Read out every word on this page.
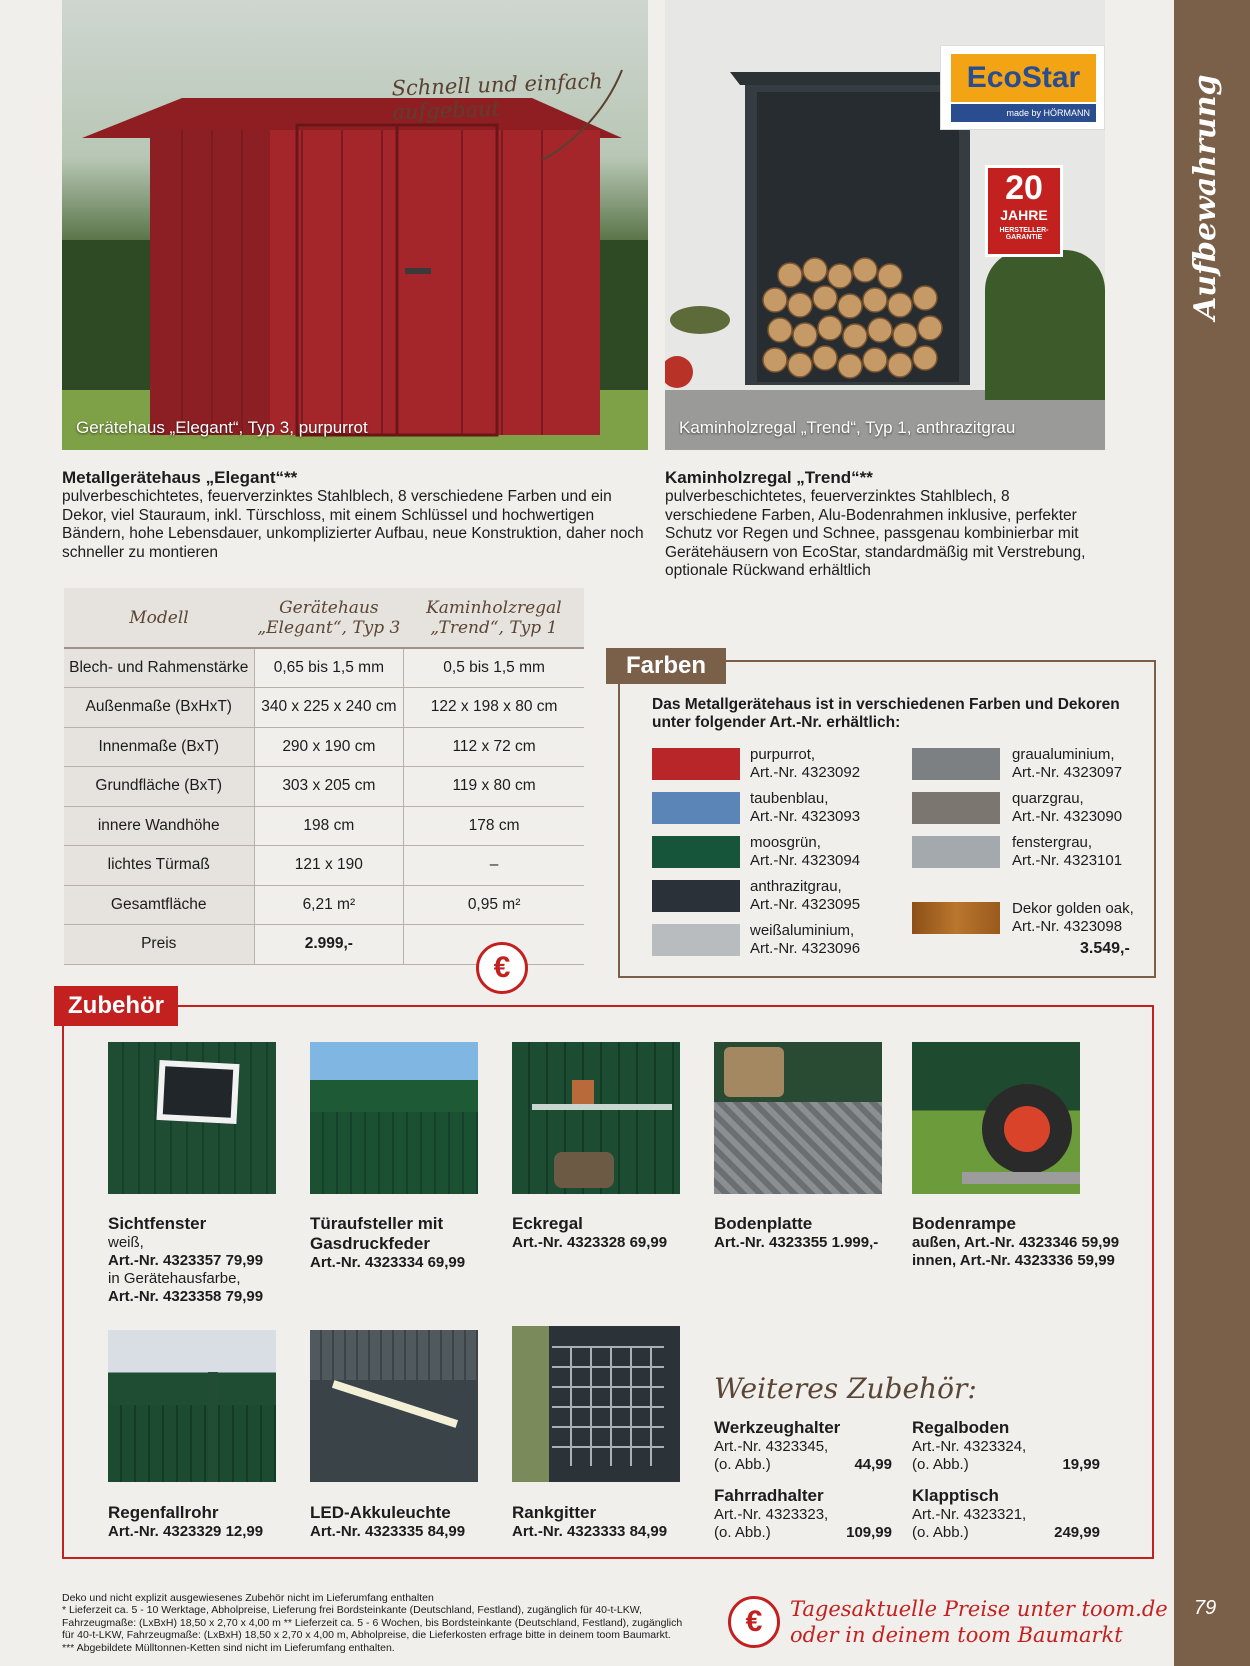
Aufbewahrung
79
Schnell und einfach aufgebaut
Gerätehaus „Elegant“, Typ 3, purpurrot	Kaminholzregal „Trend“, Typ 1, anthrazitgrau
EcoStar
made by HÖRMANN
20
JAHRE
HERSTELLER-GARANTIE
Metallgerätehaus „Elegant“**

pulverbeschichtetes, feuerverzinktes Stahlblech, 8 verschiedene Farben und ein Dekor, viel Stauraum, inkl. Türschloss, mit einem Schlüssel und hochwertigen Bändern, hohe Lebensdauer, unkomplizierter Aufbau, neue Konstruktion, daher noch schneller zu montieren

Kaminholzregal „Trend“**

pulverbeschichtetes, feuerverzinktes Stahlblech, 8 verschiedene Farben, Alu-Bodenrahmen inklusive, perfekter Schutz vor Regen und Schnee, passgenau kombinierbar mit Gerätehäusern von EcoStar, standardmäßig mit Verstrebung, optionale Rückwand erhältlich

Modell	Gerätehaus „Elegant“, Typ 3	Kaminholzregal „Trend“, Typ 1
Blech- und Rahmenstärke	0,65 bis 1,5 mm	0,5 bis 1,5 mm
Außenmaße (BxHxT)	340 x 225 x 240 cm	122 x 198 x 80 cm
Innenmaße (BxT)	290 x 190 cm	112 x 72 cm
Grundfläche (BxT)	303 x 205 cm	119 x 80 cm
innere Wandhöhe	198 cm	178 cm
lichtes Türmaß	121 x 190	–
Gesamtfläche	6,21 m²	0,95 m²
Preis	2.999,-	
€
Farben
Das Metallgerätehaus ist in verschiedenen Farben und Dekoren unter folgender Art.-Nr. erhältlich:
purpurrot,
Art.-Nr. 4323092
taubenblau,
Art.-Nr. 4323093
moosgrün,
Art.-Nr. 4323094
anthrazitgrau,
Art.-Nr. 4323095
weißaluminium,
Art.-Nr. 4323096
graualuminium,
Art.-Nr. 4323097
quarzgrau,
Art.-Nr. 4323090
fenstergrau,
Art.-Nr. 4323101
Dekor golden oak,
Art.-Nr. 4323098
3.549,-
Zubehör
Sichtfenster
weiß,
Art.-Nr. 4323357 79,99
in Gerätehausfarbe,
Art.-Nr. 4323358 79,99
Türaufsteller mit Gasdruckfeder
Art.-Nr. 4323334 69,99
Eckregal
Art.-Nr. 4323328 69,99
Bodenplatte
Art.-Nr. 4323355 1.999,-
Bodenrampe
außen, Art.-Nr. 4323346 59,99
innen, Art.-Nr. 4323336 59,99
Regenfallrohr
Art.-Nr. 4323329 12,99
LED-Akkuleuchte
Art.-Nr. 4323335 84,99
Rankgitter
Art.-Nr. 4323333 84,99
Weiteres Zubehör:
Werkzeughalter
Art.-Nr. 4323345,
(o. Abb.)	44,99
Regalboden
Art.-Nr. 4323324,
(o. Abb.)	19,99
Fahrradhalter
Art.-Nr. 4323323,
(o. Abb.)	109,99
Klapptisch
Art.-Nr. 4323321,
(o. Abb.)	249,99
Deko und nicht explizit ausgewiesenes Zubehör nicht im Lieferumfang enthalten
* Lieferzeit ca. 5 - 10 Werktage, Abholpreise, Lieferung frei Bordsteinkante (Deutschland, Festland), zugänglich für 40-t-LKW,
Fahrzeugmaße: (LxBxH) 18,50 x 2,70 x 4,00 m ** Lieferzeit ca. 5 - 6 Wochen, bis Bordsteinkante (Deutschland, Festland), zugänglich
für 40-t-LKW, Fahrzeugmaße: (LxBxH) 18,50 x 2,70 x 4,00 m, Abholpreise, die Lieferkosten erfrage bitte in deinem toom Baumarkt.
*** Abgebildete Mülltonnen-Ketten sind nicht im Lieferumfang enthalten.
€	Tagesaktuelle Preise unter toom.de
oder in deinem toom Baumarkt
